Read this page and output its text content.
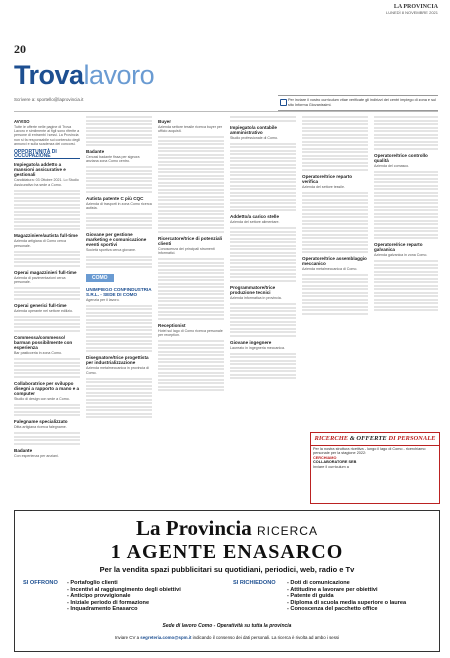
20
LA PROVINCIA
LUNEDÌ 8 NOVEMBRE 2021
Trovalavoro
Scrivere a: sportello@laprovincia.it	Per inviare il vostro curriculum vitae verificate gli indirizzi dei centri impiego di zona e sul sito Informa Giovanissimi.
AVVISO
Tutte le offerte nelle pagine di Trova Lavoro e similmente ai figli sono riferite a persone di entrambi i sessi. La Provincia non si fa responsabile sui contenuto degli annunci e sulla scadenza dei concorsi.
OPPORTUNITÀ DI OCCUPAZIONE
Impiegato/a addetto a mansioni assicurative e gestionali
Candidatura: 03 Ottobre 2021. Lo Studio Assicurativo ha sede a Como.
Magazziniere/autista full-time
Azienda artigiana di Como cerca personale.
Operai magazzinieri full-time
Azienda di pavimentazioni cerca personale.
Operai generici full-time
Azienda operante nel settore edilizio.
Commessa/commesso/ barman possibilmente con esperienza
Bar pasticceria in zona Como.
Collaboratrice per sviluppo disegni a rapporto a mano e a computer
Studio di design con sede a Como.
Falegname specializzato
Ditta artigiana ricerca falegname.
Badante
Con esperienza per anziani.
Badante
Cercasi badante fissa per signora anziana zona Como centro.
Autista patente C più CQC
Azienda di trasporti in zona Como ricerca autista.
Giovane per gestione marketing e comunicazione eventi sportivi
Società sportiva cerca giovane.
COMO
UNIMPIEGO CONFINDUSTRIA S.R.L. - SEDE DI COMO
Agenzia per il lavoro.
Disegnatore/trice progettista per industrializzazione
Azienda metalmeccanica in provincia di Como.
Buyer
Azienda settore tessile ricerca buyer per ufficio acquisti.
Ricercatore/trice di potenziali clienti
Conoscenza dei principali strumenti informatici.
Receptionist
Hotel sul lago di Como ricerca personale per reception.
Impiegato/a contabile amministrativo
Studio professionale di Como.
Addetto/a carico stelle
Azienda del settore alimentare.
Programmatore/trice produzione tecnici
Azienda informatica in provincia.
Giovane ingegnere
Laureato in ingegneria meccanica.
Operatore/trice reparto verifica
Azienda del settore tessile.
Operatore/trice assemblaggio meccanico
Azienda metalmeccanica di Como.
Operatore/trice controllo qualità
Azienda del comasco.
Operatore/rice reparto galvanica
Azienda galvanica in zona Como.
RICERCHE & OFFERTE DI PERSONALE
Per la nostra struttura ricettiva - lungo il lago di Como - ricerchiamo personale per la stagione 2022:
CERCHIAMO
COLLABORATORE SEB
Inviare il curriculum a
La Provincia RICERCA
1 AGENTE ENASARCO
Per la vendita spazi pubblicitari su quotidiani, periodici, web, radio e Tv
SI OFFRONO - Portafoglio clienti
- Incentivi al raggiungimento degli obiettivi
- Anticipo provvigionale
- Iniziale periodo di formazione
- Inquadramento Enasarco
SI RICHIEDONO - Doti di comunicazione
- Attitudine a lavorare per obiettivi
- Patente di guida
- Diploma di scuola media superiore o laurea
- Conoscenza del pacchetto office
Sede di lavoro Como - Operatività su tutta la provincia
Inviare CV a segreteria.como@spm.it indicando il consenso dei dati personali. La ricerca è rivolta ad ambo i sessi
